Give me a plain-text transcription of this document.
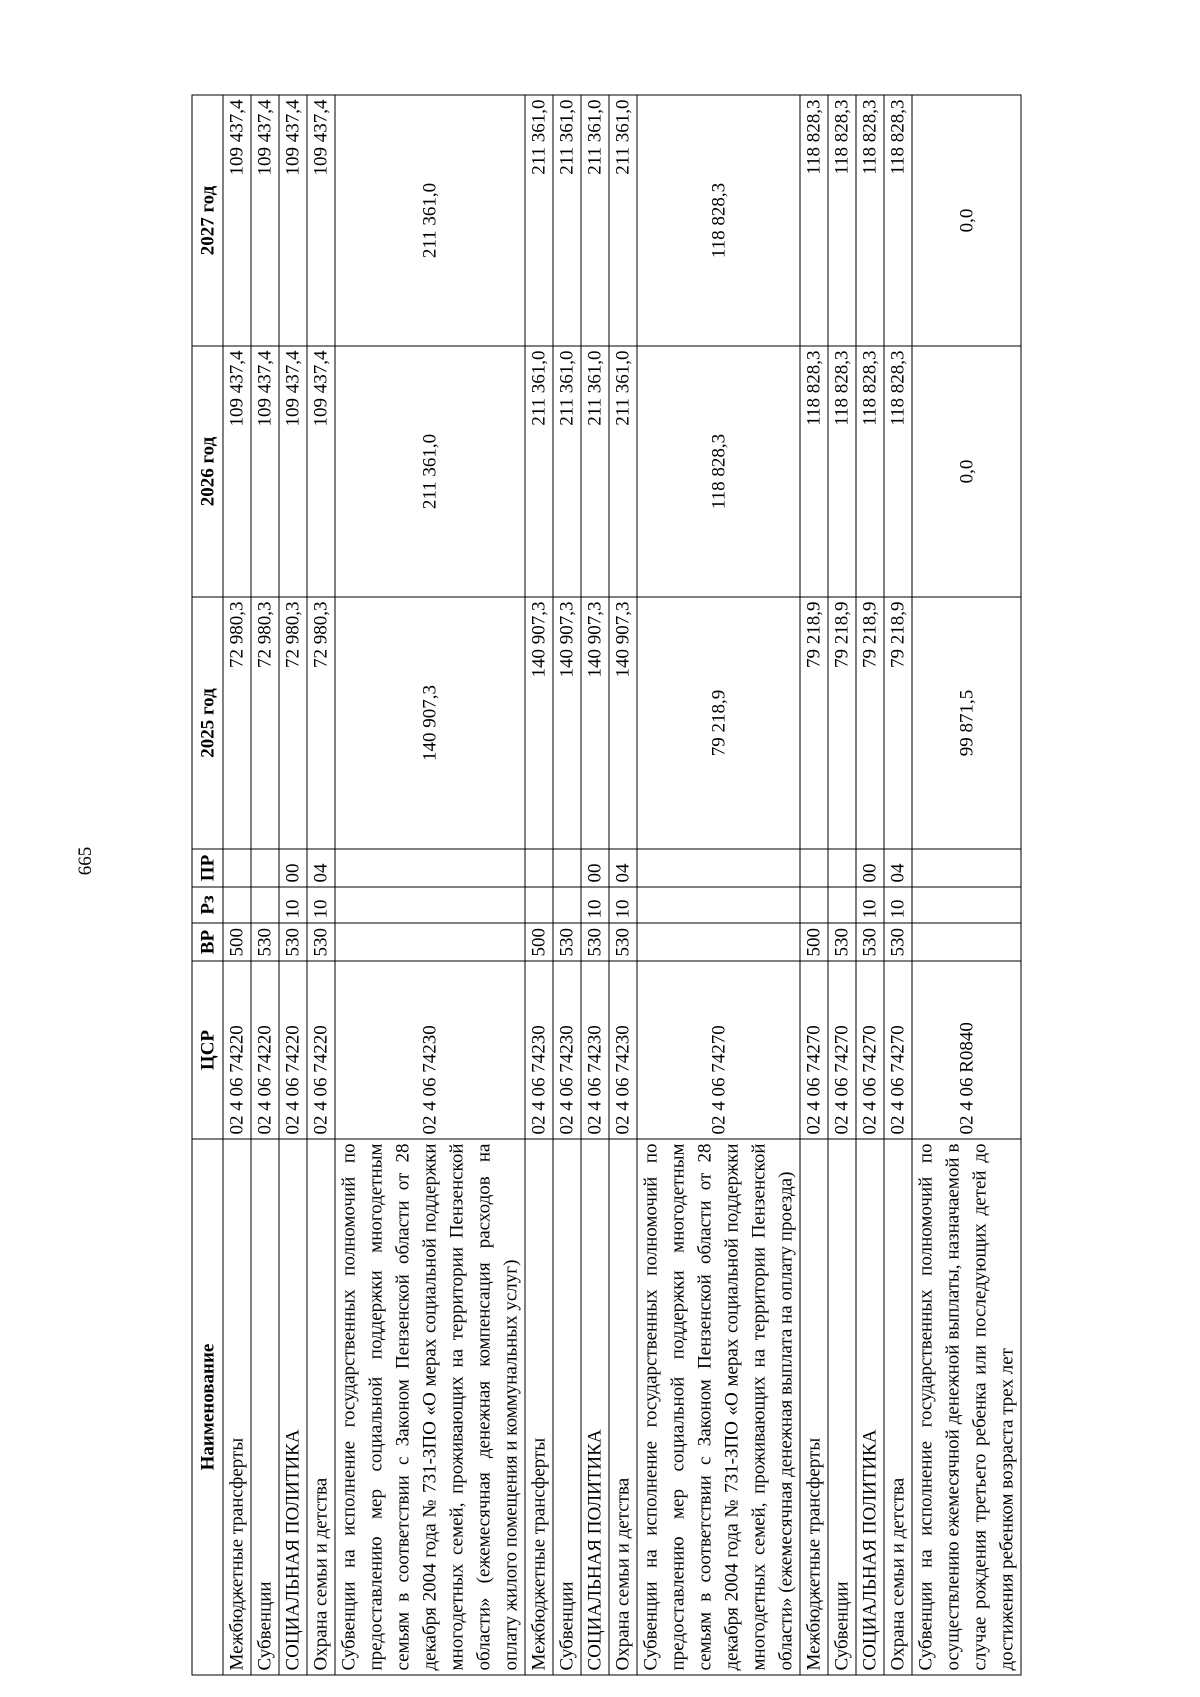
665
Наименование	ЦСР	ВР	Рз	ПР	2025 год	2026 год	2027 год
Межбюджетные трансферты	02 4 06 74220	500			72 980,3	109 437,4	109 437,4
Субвенции	02 4 06 74220	530			72 980,3	109 437,4	109 437,4
СОЦИАЛЬНАЯ ПОЛИТИКА	02 4 06 74220	530	10	00	72 980,3	109 437,4	109 437,4
Охрана семьи и детства	02 4 06 74220	530	10	04	72 980,3	109 437,4	109 437,4
Субвенции на исполнение государственных полномочий по предоставлению мер социальной поддержки многодетным семьям в соответствии с Законом Пензенской области от 28 декабря 2004 года № 731-ЗПО «О мерах социальной поддержки многодетных семей, проживающих на территории Пензенской области» (ежемесячная денежная компенсация расходов на оплату жилого помещения и коммунальных услуг)	02 4 06 74230				140 907,3	211 361,0	211 361,0
Межбюджетные трансферты	02 4 06 74230	500			140 907,3	211 361,0	211 361,0
Субвенции	02 4 06 74230	530			140 907,3	211 361,0	211 361,0
СОЦИАЛЬНАЯ ПОЛИТИКА	02 4 06 74230	530	10	00	140 907,3	211 361,0	211 361,0
Охрана семьи и детства	02 4 06 74230	530	10	04	140 907,3	211 361,0	211 361,0
Субвенции на исполнение государственных полномочий по предоставлению мер социальной поддержки многодетным семьям в соответствии с Законом Пензенской области от 28 декабря 2004 года № 731-ЗПО «О мерах социальной поддержки многодетных семей, проживающих на территории Пензенской области» (ежемесячная денежная выплата на оплату проезда)	02 4 06 74270				79 218,9	118 828,3	118 828,3
Межбюджетные трансферты	02 4 06 74270	500			79 218,9	118 828,3	118 828,3
Субвенции	02 4 06 74270	530			79 218,9	118 828,3	118 828,3
СОЦИАЛЬНАЯ ПОЛИТИКА	02 4 06 74270	530	10	00	79 218,9	118 828,3	118 828,3
Охрана семьи и детства	02 4 06 74270	530	10	04	79 218,9	118 828,3	118 828,3
Субвенции на исполнение государственных полномочий по осуществлению ежемесячной денежной выплаты, назначаемой в случае рождения третьего ребенка или последующих детей до достижения ребенком возраста трех лет	02 4 06 R0840				99 871,5	0,0	0,0
